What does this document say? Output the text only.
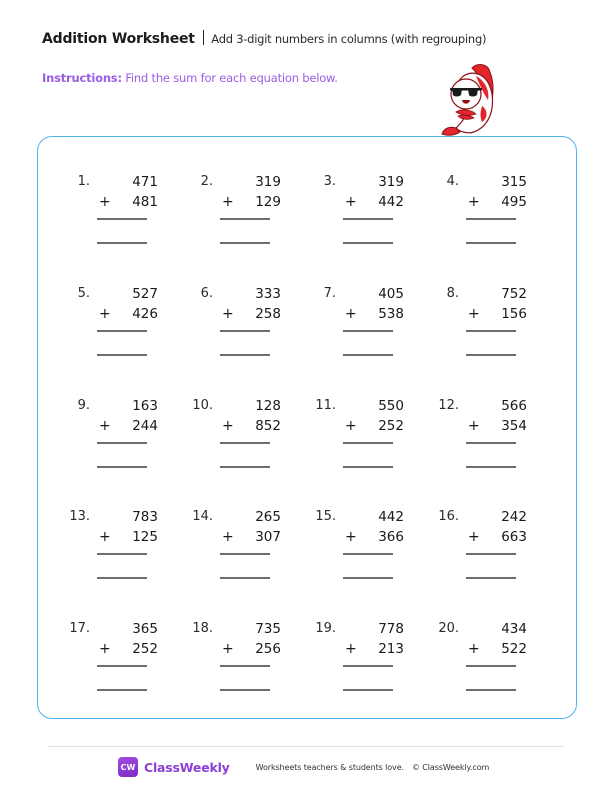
Addition Worksheet Add 3-digit numbers in columns (with regrouping)
Instructions: Find the sum for each equation below.
1.	471
+ 481
2.	319
+ 129
3.	319
+ 442
4.	315
+ 495
5.	527
+ 426
6.	333
+ 258
7.	405
+ 538
8.	752
+ 156
9.	163
+ 244
10.	128
+ 852
11.	550
+ 252
12.	566
+ 354
13.	783
+ 125
14.	265
+ 307
15.	442
+ 366
16.	242
+ 663
17.	365
+ 252
18.	735
+ 256
19.	778
+ 213
20.	434
+ 522
CW ClassWeekly	Worksheets teachers & students love. © ClassWeekly.com
